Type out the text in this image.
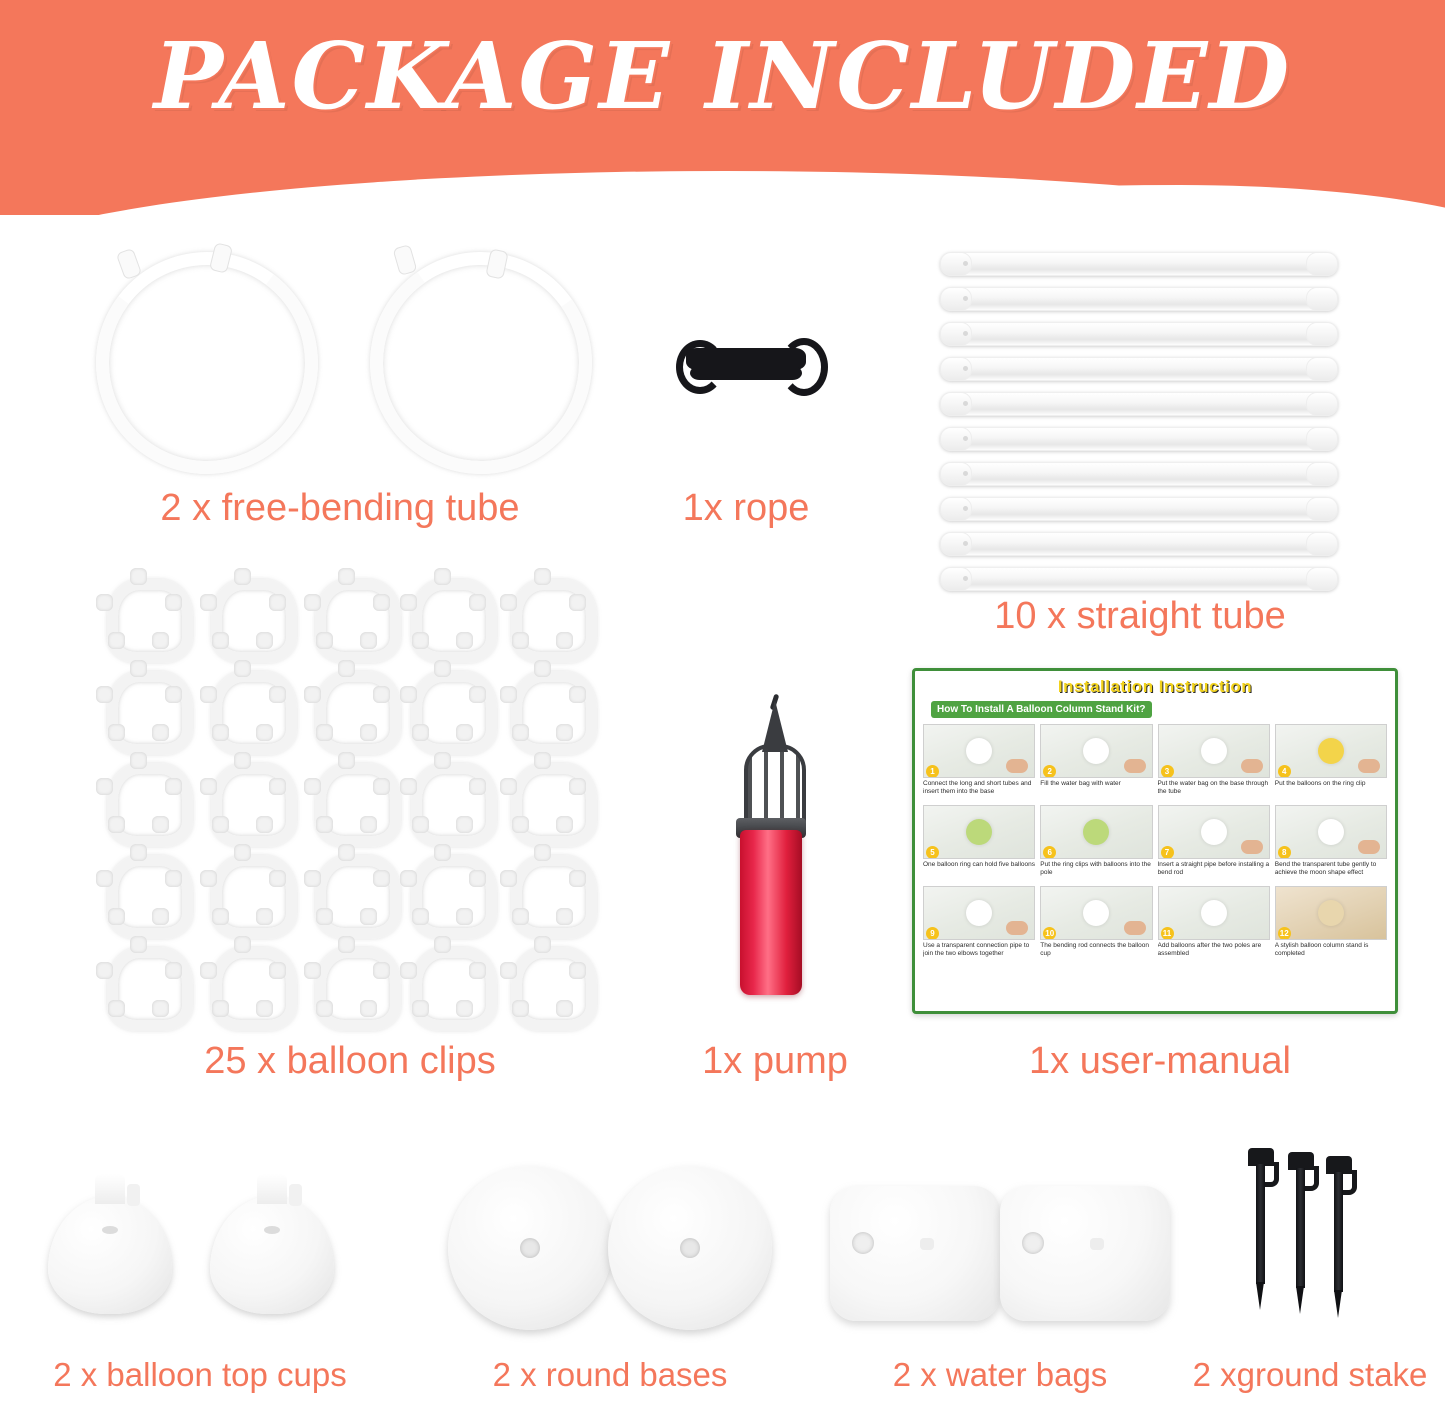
PACKAGE INCLUDED
2 x free-bending tube	1x rope
10 x straight tube
25 x balloon clips	1x pump
Installation Instruction
How To Install A Balloon Column Stand Kit?
1
Connect the long and short tubes and insert them into the base
2
Fill the water bag with water
3
Put the water bag on the base through the tube
4
Put the balloons on the ring clip
5
One balloon ring can hold five balloons
6
Put the ring clips with balloons into the pole
7
Insert a straight pipe before installing a bend rod
8
Bend the transparent tube gently to achieve the moon shape effect
9
Use a transparent connection pipe to join the two elbows together
10
The bending rod connects the balloon cup
11
Add balloons after the two poles are assembled
12
A stylish balloon column stand is completed
1x user-manual
2 x balloon top cups	2 x round bases	2 x water bags	2 xground stake
